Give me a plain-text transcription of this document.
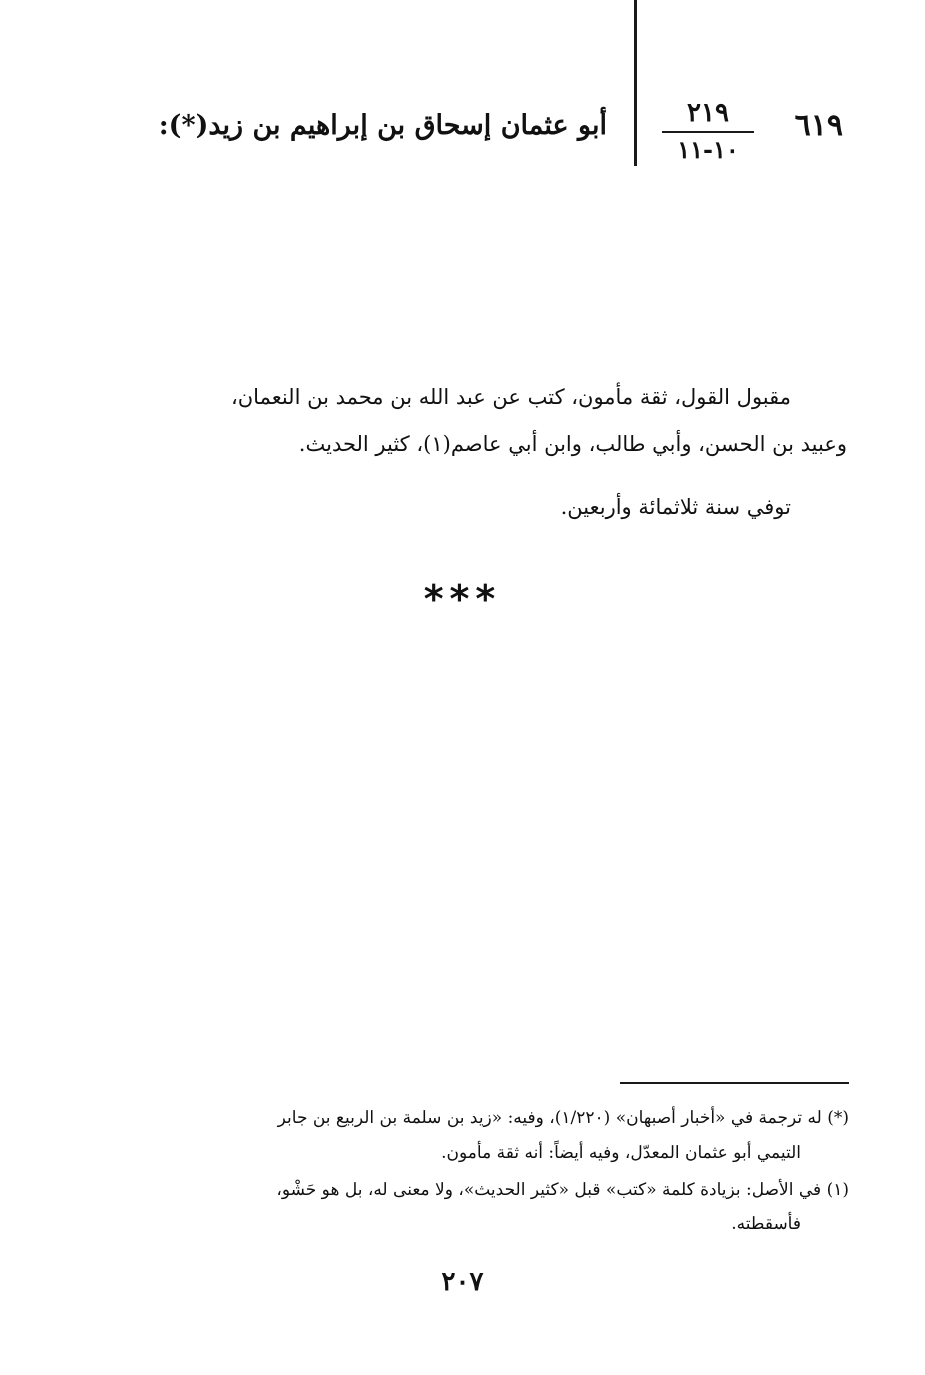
٦١٩
٢١٩
١٠-١١
أبو عثمان إسحاق بن إبراهيم بن زيد(*):
مقبول القول، ثقة مأمون، كتب عن عبد الله بن محمد بن النعمان،
وعبيد بن الحسن، وأبي طالب، وابن أبي عاصم(١)، كثير الحديث.
توفي سنة ثلاثمائة وأربعين.
***
(*) له ترجمة في «أخبار أصبهان» (١/٢٢٠)، وفيه: «زيد بن سلمة بن الربيع بن جابر
التيمي أبو عثمان المعدّل، وفيه أيضاً: أنه ثقة مأمون.
(١) في الأصل: بزيادة كلمة «كتب» قبل «كثير الحديث»، ولا معنى له، بل هو حَشْو،
فأسقطته.
٢٠٧
